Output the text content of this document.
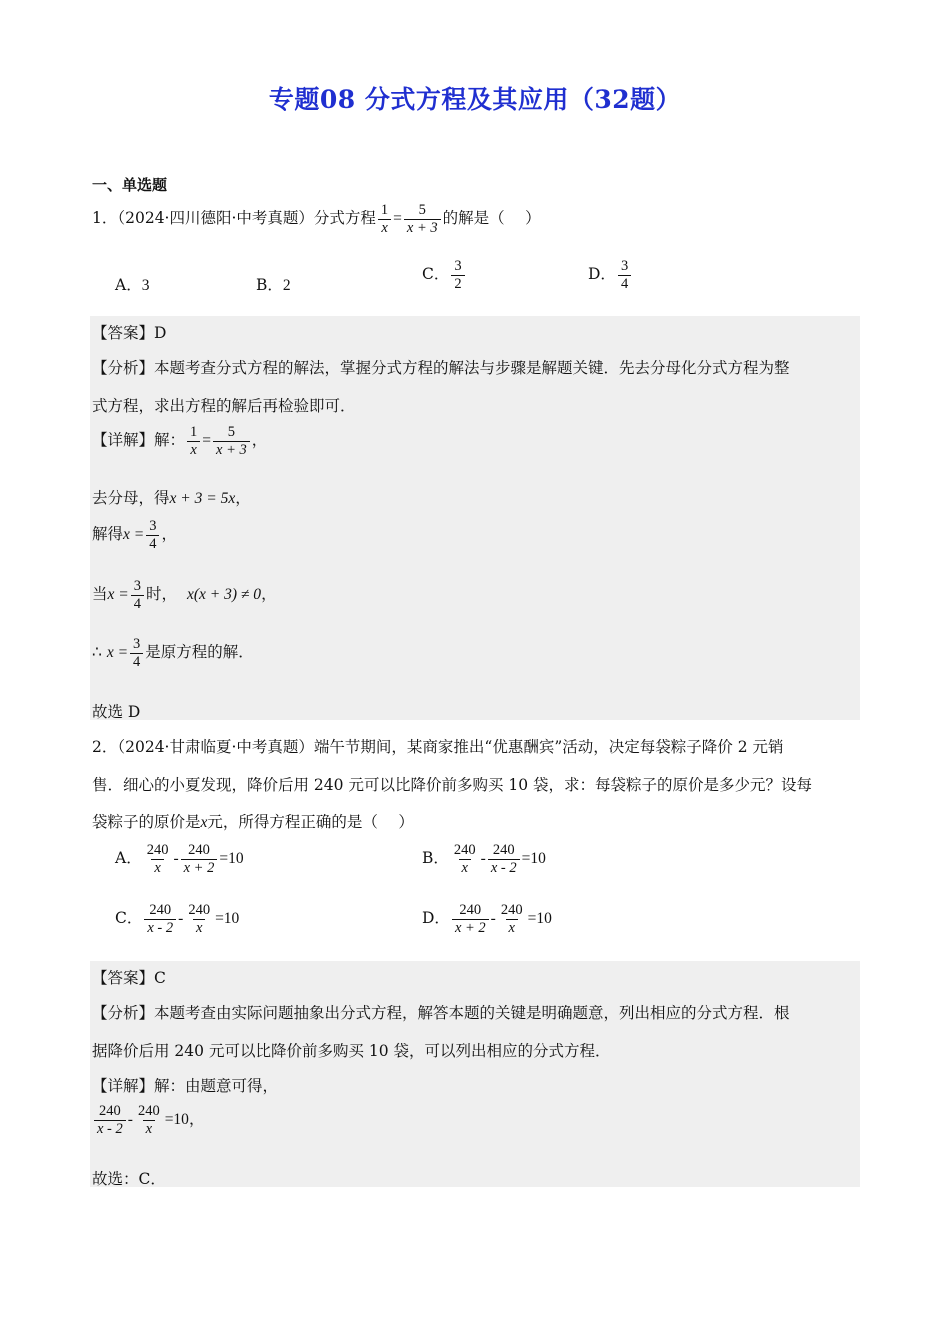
专题08 分式方程及其应用（32题）
一、单选题
1．（2024·四川德阳·中考真题）分式方程 $\frac{1}{x} = \frac{5}{x + 3}$ 的解是（　 ）
A．3	B．2
C． $\frac{3}{2}$	D． $\frac{3}{4}$
【答案】D
【分析】本题考查分式方程的解法，掌握分式方程的解法与步骤是解题关键．先去分母化分式方程为整
式方程，求出方程的解后再检验即可．
【详解】解： $\frac{1}{x} = \frac{5}{x + 3}$ ，
去分母，得x + 3 = 5x，
解得$x = \frac{3}{4}$ ，
当$x = \frac{3}{4}$ 时， x(x + 3) ≠ 0，
∴ $x = \frac{3}{4}$ 是原方程的解．
故选 D
2．（2024·甘肃临夏·中考真题）端午节期间，某商家推出“优惠酬宾”活动，决定每袋粽子降价 2 元销
售．细心的小夏发现，降价后用 240 元可以比降价前多购买 10 袋，求：每袋粽子的原价是多少元？设每
袋粽子的原价是x元，所得方程正确的是（　 ）
A． $\frac{240}{x} - \frac{240}{x + 2} =10$	B． $\frac{240}{x} - \frac{240}{x - 2} =10$
C． $\frac{240}{x - 2} - \frac{240}{x} =10$	D． $\frac{240}{x + 2} - \frac{240}{x} =10$
【答案】C
【分析】本题考查由实际问题抽象出分式方程，解答本题的关键是明确题意，列出相应的分式方程．根
据降价后用 240 元可以比降价前多购买 10 袋，可以列出相应的分式方程．
【详解】解：由题意可得，
$\frac{240}{x - 2} - \frac{240}{x} =10$，
故选：C．
